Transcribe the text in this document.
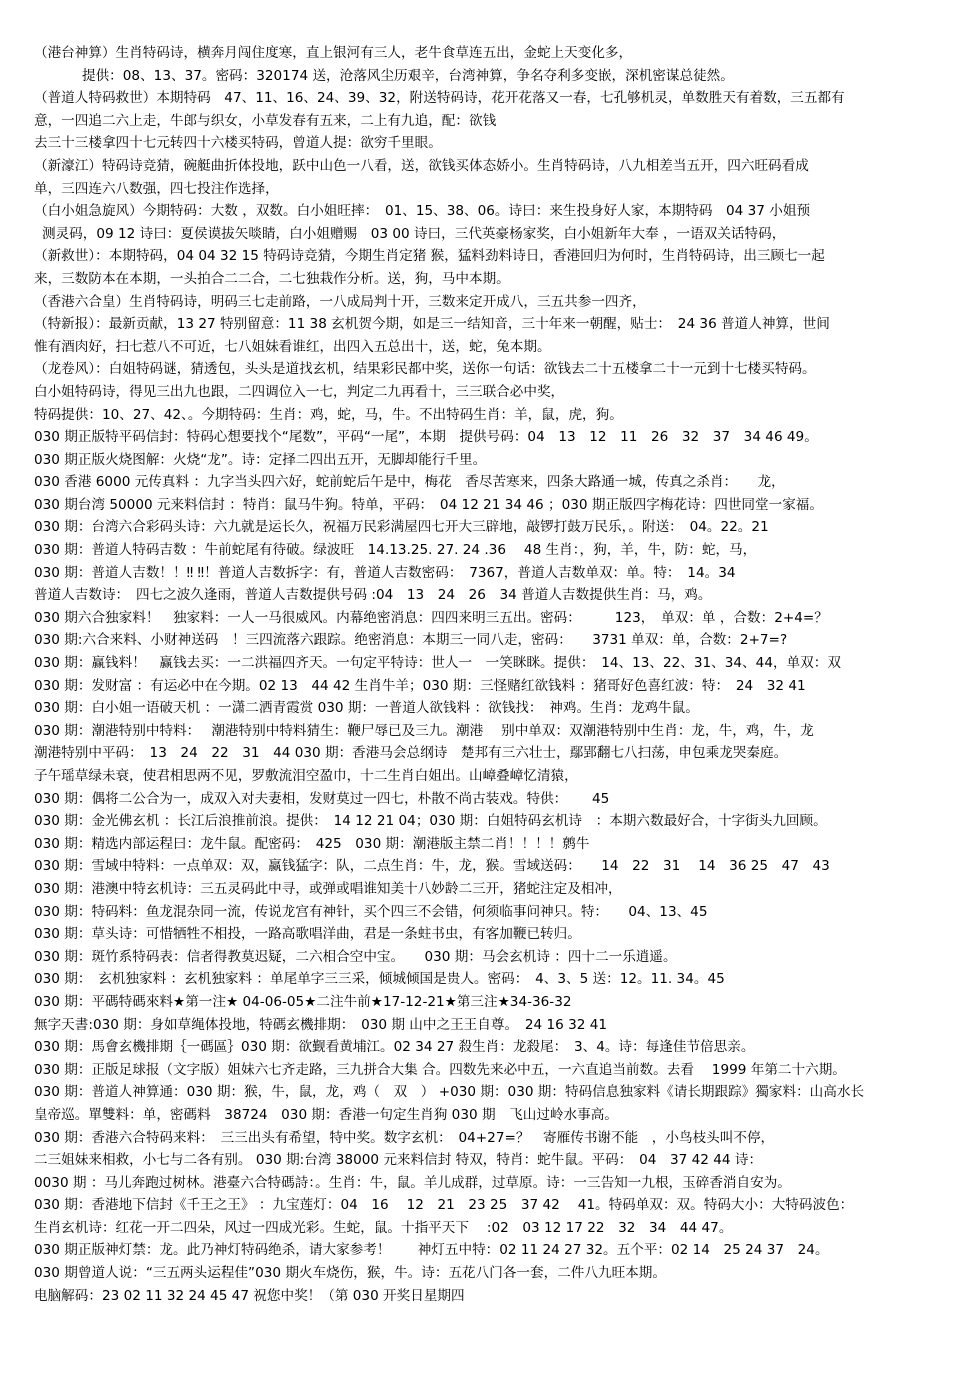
（港台神算）生肖特码诗，横奔月闯住度寒，直上银河有三人，老牛食草连五出，金蛇上天变化多，
提供：08、13、37。密码：320174 送，沧落风尘历艰辛，台湾神算，争名夺利多变嵌，深机密谋总徒然。
（普道人特码救世）本期特码　47、11、16、24、39、32，附送特码诗，花开花落又一春，七孔够机灵，单数胜天有着数，三五都有
意，一四追二六上走，牛郎与织女，小草发春有五来，二上有九追，配：欲钱
去三十三楼拿四十七元转四十六楼买特码，曾道人提：欲穷千里眼。
（新濠江）特码诗竞猜，碗艇曲折体投地，跃中山色一八看，送，欲钱买体态娇小。生肖特码诗，八九相差当五开，四六旺码看成
单，三四连六八数强，四七投注作选择，
（白小姐急旋风）今期特码：大数 ，双数。白小姐旺摔：　01、15、38、06。诗曰：来生投身好人家，本期特码　04 37 小姐预
测灵码，09 12 诗曰：夏侯谟拔矢啖睛，白小姐赠赐　03 00 诗曰，三代英豪杨家奖，白小姐新年大奉 ，一语双关话特码，
（新救世）：本期特码，04 04 32 15 特码诗竞猜，今期生肖定猪 猴，猛料劲料诗日，香港回归为何时，生肖特码诗，出三顾七一起
来，三数防本在本期，一头拍合二二合，二七独栽作分析。送，狗，马中本期。
（香港六合皇）生肖特码诗，明码三七走前路，一八成局判十开，三数来定开成八，三五共参一四齐，
（特新报）：最新贡献，13 27 特别留意：11 38 玄机贺今期，如是三一结知音，三十年来一朝醒，贴士：　24 36 普道人神算，世间
惟有酒肉好，扫七惹八不可近，七八姐妹看谁红，出四入五总出十，送，蛇，兔本期。
（龙卷风）：白姐特码谜，猜透包，头头是道找玄机，结果彩民都中奖，送你一句话：欲钱去二十五楼拿二十一元到十七楼买特码。
白小姐特码诗，得见三出九也跟，二四调位入一七，判定二九再看十，三三联合必中奖，
特码提供：10、27、42、。今期特码：生肖：鸡，蛇，马，牛。不出特码生肖：羊，鼠，虎，狗。
030 期正版特平码信封：特码心想要找个“尾数”，平码“一尾”，本期　提供号码：04　13　12　11　26　32　37　34 46 49。
030 期正版火烧图解：火烧“龙”。诗：定择二四出五开，无脚却能行千里。
030 香港 6000 元传真料 ：九字当头四六好，蛇前蛇后午是中，梅花　香尽苦寒来，四条大路通一城，传真之杀肖：　　龙，
030 期台湾 50000 元来料信封 ：特肖：鼠马牛狗。特单，平码：　04 12 21 34 46 ；030 期正版四字梅花诗：四世同堂一家福。
030 期：台湾六合彩码头诗：六九就是运长久，祝福万民彩满屋四七开大三辟地，敲锣打鼓万民乐，。附送：　04。22。21
030 期：普道人特码吉数 ：牛前蛇尾有待破。绿波旺　14.13.25. 27. 24 .36　 48 生肖：，狗，羊，牛，防：蛇，马，
030 期：普道人吉数！！‼ ‼！普道人吉数拆字：有，普道人吉数密码：　7367，普道人吉数单双：单。特：　14。34
普道人吉数诗：　四七之波久逢雨，普道人吉数提供号码 :04　13　24　26　34 普道人吉数提供生肖：马，鸡。
030 期六合独家料！　独家料：一人一马很威风。内幕绝密消息：四四来明三五出。密码：　　　123，　单双：单 ，合数：2+4=？
030 期:六合来料、小财神送码　！三四流落六跟踪。绝密消息：本期三一同八走，密码：　　3731 单双：单，合数：2+7=?
030 期：赢钱料！　赢钱去买：一二洪福四齐天。一句定平特诗：世人一　一笑眯眯。提供：　14、13、22、31、34、44，单双：双
030 期：发财富 ：有运必中在今期。02 13　44 42 生肖牛羊；030 期：三怪赌红欲钱料 ：猪哥好色喜红波：特：　24　32 41
030 期：白小姐一语破天机 ：一潇二洒青霞赏 030 期：一普道人欲钱料 ：欲钱找：　神鸡。生肖：龙鸡牛鼠。
030 期：潮港特别中特料：　 潮港特别中特料猜生：鞭尸辱已及三九。潮港　 别中单双：双潮港特别中生肖：龙，牛，鸡，牛，龙
潮港特别中平码：　13　24　22　31　44 030 期：香港马会总纲诗　楚邦有三六壮士，鄢郢翻七八扫荡，申包乘龙哭秦庭。
子午瑶草绿未衰，使君相思两不见，罗敷流泪空盈巾，十二生肖白姐出。山嶂叠嶂忆清猿，
030 期：偶将二公合为一，成双入对夫妻相，发财莫过一四七，朴散不尚古装戏。特供：　　 45
030 期：金光佛玄机 ：长江后浪推前浪。提供：　14 12 21 04；030 期：白姐特码玄机诗　：本期六数最好合，十字街头九回顾。
030 期：精选内部运程曰：龙牛鼠。配密码：　425　030 期：潮港版主禁二肖！！！！鹩牛
030 期：雪域中特料：一点单双：双，赢钱猛字：队，二点生肖：牛，龙，猴。雪域送码：　　14　22　31　 14　36 25　47　43
030 期：港澳中特玄机诗：三五灵码此中寻，或弹或唱谁知美十八妙龄二三开，猪蛇注定及相冲，
030 期：特码料：鱼龙混杂同一流，传说龙宫有神针，买个四三不会错，何须临事问神只。特：　　04、13、45
030 期：草头诗：可惜牺牲不相投，一路高歌唱洋曲，君是一条蛀书虫，有客加鞭已转归。
030 期：斑竹系特码表：信者得教莫迟疑，二六相合空中宝。　　030 期：马会玄机诗 ：四十二一乐逍遥。
030 期：　玄机独家料 ：玄机独家料 ：单尾单字三三采，倾城倾国是贵人。密码：　4、3、5 送：12。11. 34。45
030 期：平碼特碼來料★第一注★ 04-06-05★二注牛前★17-12-21★第三注★34-36-32
無字天書:030 期：身如草绳体投地，特碼玄機排期：　030 期 山中之王王自尊。　24 16 32 41
030 期：馬會玄機排期｛一碼區｝030 期：欲觐看黄埔江。02 34 27 殺生肖：龙殺尾：　3、4。诗：每逢佳节倍思亲。
030 期：正版足球报（文字版）姐妹六七齐走路，三九拼合大集 合。四数先来必中五，一六直追当前数。去看　 1999 年第二十六期。
030 期：普道人神算通：030 期：猴，牛，鼠，龙，鸡（　双　） +030 期：030 期：特码信息独家料《请长期跟踪》獨家料：山高水长
皇帝巡。單雙料：单，密碼料　38724　030 期：香港一句定生肖狗 030 期　飞山过岭水事高。
030 期：香港六合特码来料：　三三出头有希望，特中奖。数字玄机：　04+27=？　寄雁传书谢不能　，小鸟枝头叫不停，
二三姐妹来相救，小七与二各有别。 030 期:台湾 38000 元来料信封 特双，特肖：蛇牛鼠。平码：　04　37 42 44 诗：
0030 期 ：马儿奔跑过树林。港臺六合特碼詩：。生肖：牛，鼠。羊儿成群，过草原。诗：一三告知一九根，玉碎香消自安为。
030 期：香港地下信封《千王之王》 ：九宝莲灯：04　16　 12　21　23 25　37 42　 41。特码单双：双。特码大小：大特码波色：
生肖玄机诗：红花一开二四朵，风过一四成光彩。生蛇，鼠。十指平天下　 :02　03 12 17 22　32　34　44 47。
030 期正版神灯禁：龙。此乃神灯特码绝杀，请大家参考！　　神灯五中特：02 11 24 27 32。五个平：02 14　25 24 37　24。
030 期曾道人说：“三五两头运程佳”030 期火车烧伤，猴，牛。诗：五花八门各一套，二件八九旺本期。
电脑解码：23 02 11 32 24 45 47 祝您中奖！（第 030 开奖日星期四
